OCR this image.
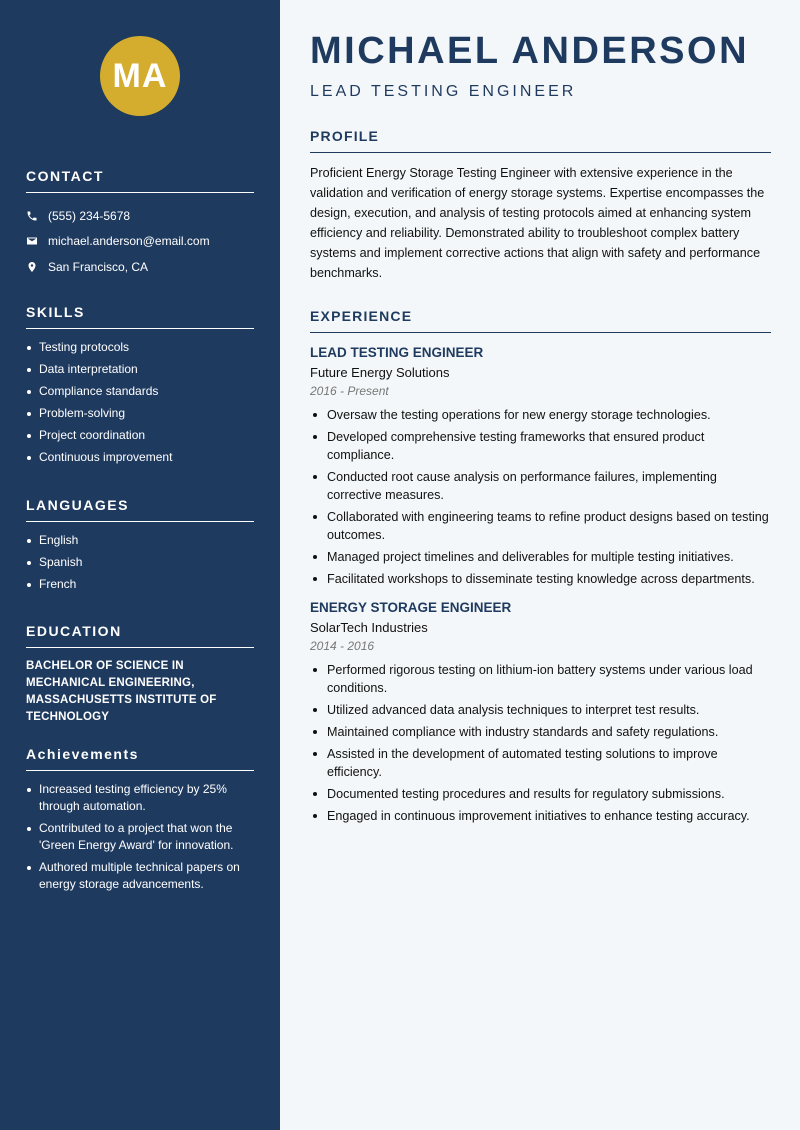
MA
CONTACT
(555) 234-5678
michael.anderson@email.com
San Francisco, CA
SKILLS
Testing protocols
Data interpretation
Compliance standards
Problem-solving
Project coordination
Continuous improvement
LANGUAGES
English
Spanish
French
EDUCATION
BACHELOR OF SCIENCE IN MECHANICAL ENGINEERING, MASSACHUSETTS INSTITUTE OF TECHNOLOGY
Achievements
Increased testing efficiency by 25% through automation.
Contributed to a project that won the 'Green Energy Award' for innovation.
Authored multiple technical papers on energy storage advancements.
MICHAEL ANDERSON
LEAD TESTING ENGINEER
PROFILE

Proficient Energy Storage Testing Engineer with extensive experience in the validation and verification of energy storage systems. Expertise encompasses the design, execution, and analysis of testing protocols aimed at enhancing system efficiency and reliability. Demonstrated ability to troubleshoot complex battery systems and implement corrective actions that align with safety and performance benchmarks.

EXPERIENCE
LEAD TESTING ENGINEER
Future Energy Solutions
2016 - Present
Oversaw the testing operations for new energy storage technologies.
Developed comprehensive testing frameworks that ensured product compliance.
Conducted root cause analysis on performance failures, implementing corrective measures.
Collaborated with engineering teams to refine product designs based on testing outcomes.
Managed project timelines and deliverables for multiple testing initiatives.
Facilitated workshops to disseminate testing knowledge across departments.
ENERGY STORAGE ENGINEER
SolarTech Industries
2014 - 2016
Performed rigorous testing on lithium-ion battery systems under various load conditions.
Utilized advanced data analysis techniques to interpret test results.
Maintained compliance with industry standards and safety regulations.
Assisted in the development of automated testing solutions to improve efficiency.
Documented testing procedures and results for regulatory submissions.
Engaged in continuous improvement initiatives to enhance testing accuracy.
